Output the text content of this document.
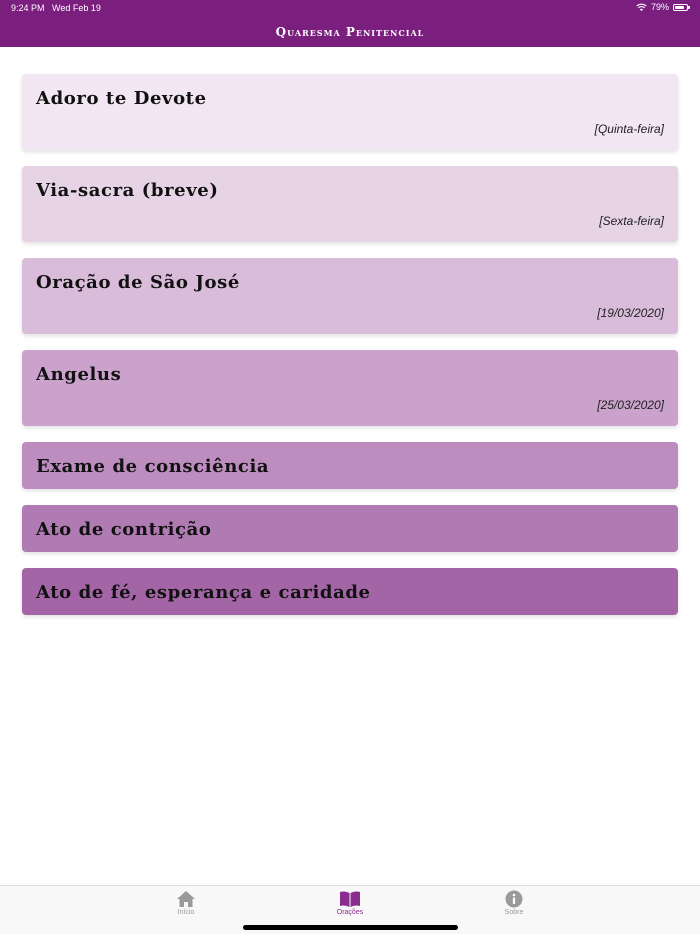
9:24 PM Wed Feb 19	79%
Quaresma Penitencial
Adoro te Devote
[Quinta-feira]
Via-sacra (breve)
[Sexta-feira]
Oração de São José
[19/03/2020]
Angelus
[25/03/2020]
Exame de consciência
Ato de contrição
Ato de fé, esperança e caridade
Início	Orações	Sobre
